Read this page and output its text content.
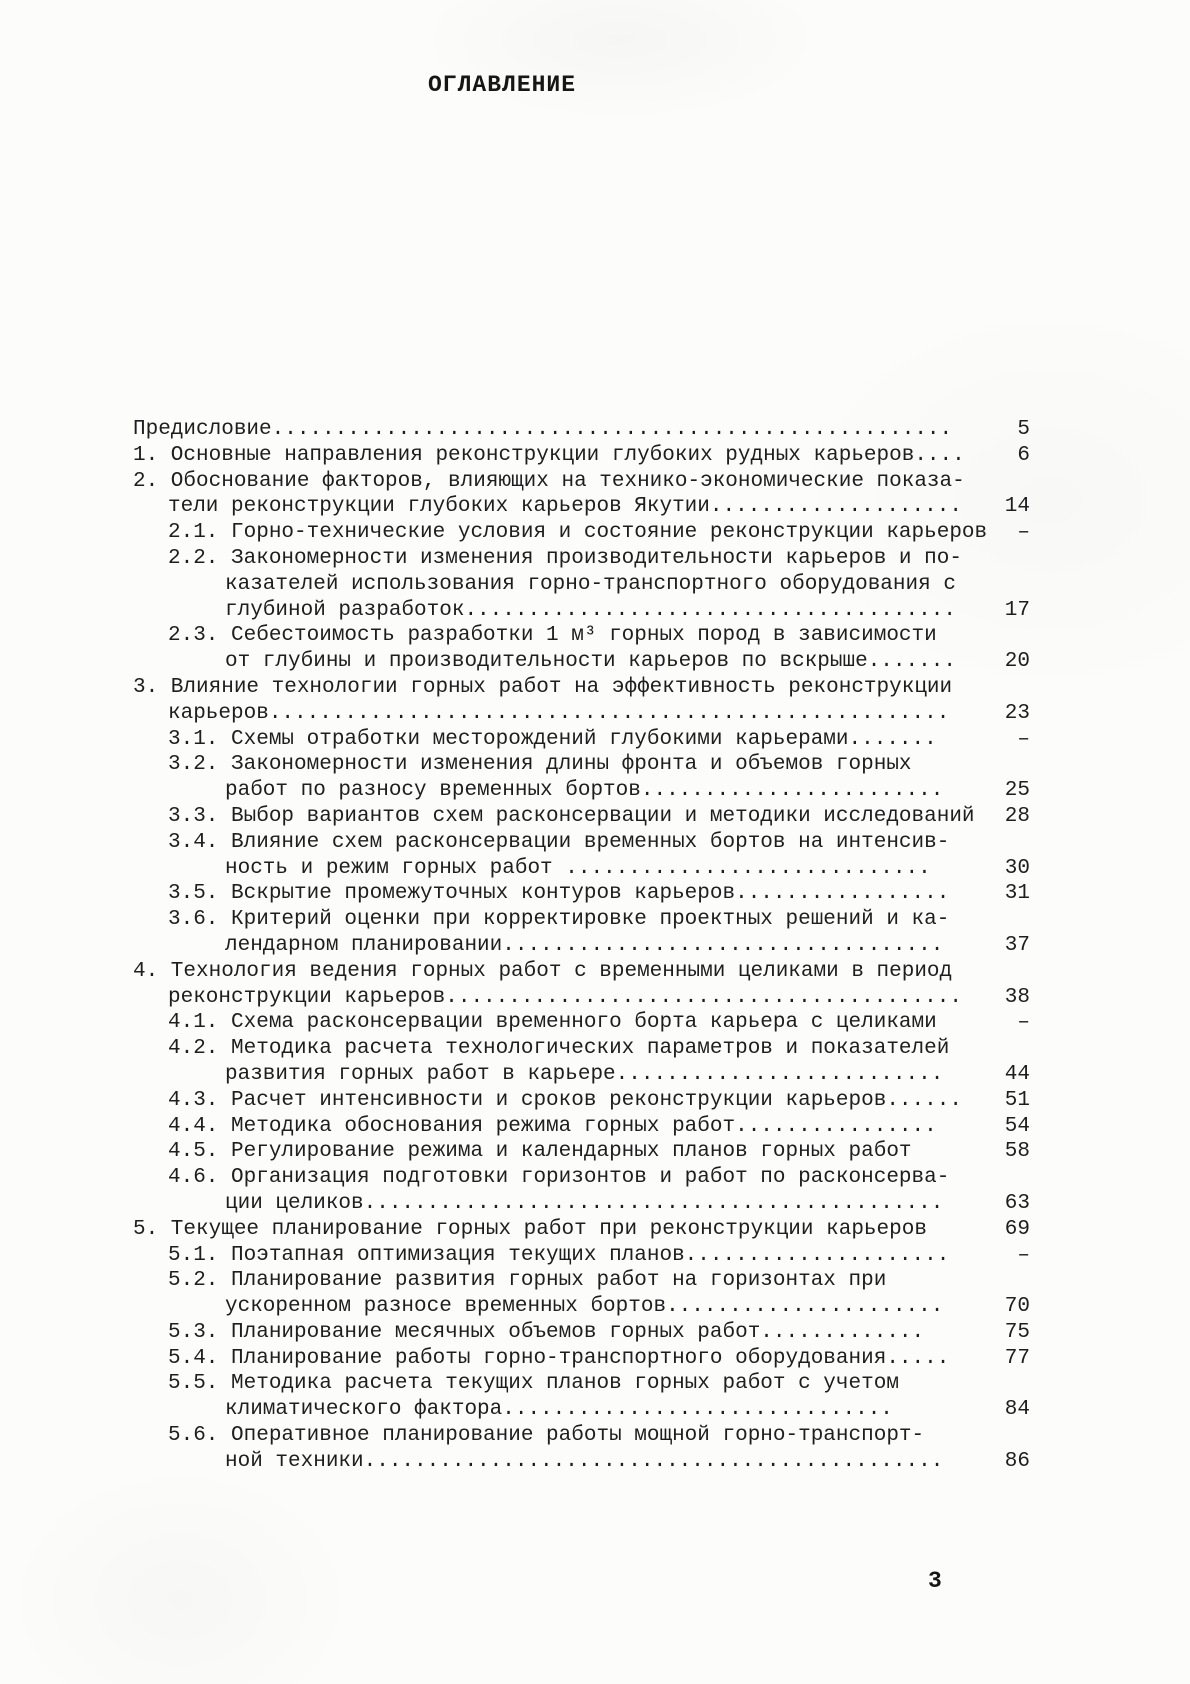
ОГЛАВЛЕНИЕ
Предисловие......................................................	5
1. Основные направления реконструкции глубоких рудных карьеров....	6
2. Обоснование факторов, влияющих на технико-экономические показа-
тели реконструкции глубоких карьеров Якутии.................... 14
2.1. Горно-технические условия и состояние реконструкции карьеров –
2.2. Закономерности изменения производительности карьеров и по-
казателей использования горно-транспортного оборудования с
глубиной разработок....................................... 17
2.3. Себестоимость разработки 1 м³ горных пород в зависимости
от глубины и производительности карьеров по вскрыше....... 20
3. Влияние технологии горных работ на эффективность реконструкции
карьеров......................................................	23
3.1. Схемы отработки месторождений глубокими карьерами.......	–
3.2. Закономерности изменения длины фронта и объемов горных
работ по разносу временных бортов........................	25
3.3. Выбор вариантов схем расконсервации и методики исследований 28
3.4. Влияние схем расконсервации временных бортов на интенсив-
ность и режим горных работ .............................	30
3.5. Вскрытие промежуточных контуров карьеров.................	31
3.6. Критерий оценки при корректировке проектных решений и ка-
лендарном планировании...................................	37
4. Технология ведения горных работ с временными целиками в период
реконструкции карьеров......................................... 38
4.1. Схема расконсервации временного борта карьера с целиками	–
4.2. Методика расчета технологических параметров и показателей
развития горных работ в карьере..........................	44
4.3. Расчет интенсивности и сроков реконструкции карьеров...... 51
4.4. Методика обоснования режима горных работ................	54
4.5. Регулирование режима и календарных планов горных работ	58
4.6. Организация подготовки горизонтов и работ по расконсерва-
ции целиков..............................................	63
5. Текущее планирование горных работ при реконструкции карьеров	69
5.1. Поэтапная оптимизация текущих планов.....................	–
5.2. Планирование развития горных работ на горизонтах при
ускоренном разносе временных бортов......................	70
5.3. Планирование месячных объемов горных работ.............	75
5.4. Планирование работы горно-транспортного оборудования.....	77
5.5. Методика расчета текущих планов горных работ с учетом
климатического фактора...............................	84
5.6. Оперативное планирование работы мощной горно-транспорт-
ной техники..............................................	86
3
